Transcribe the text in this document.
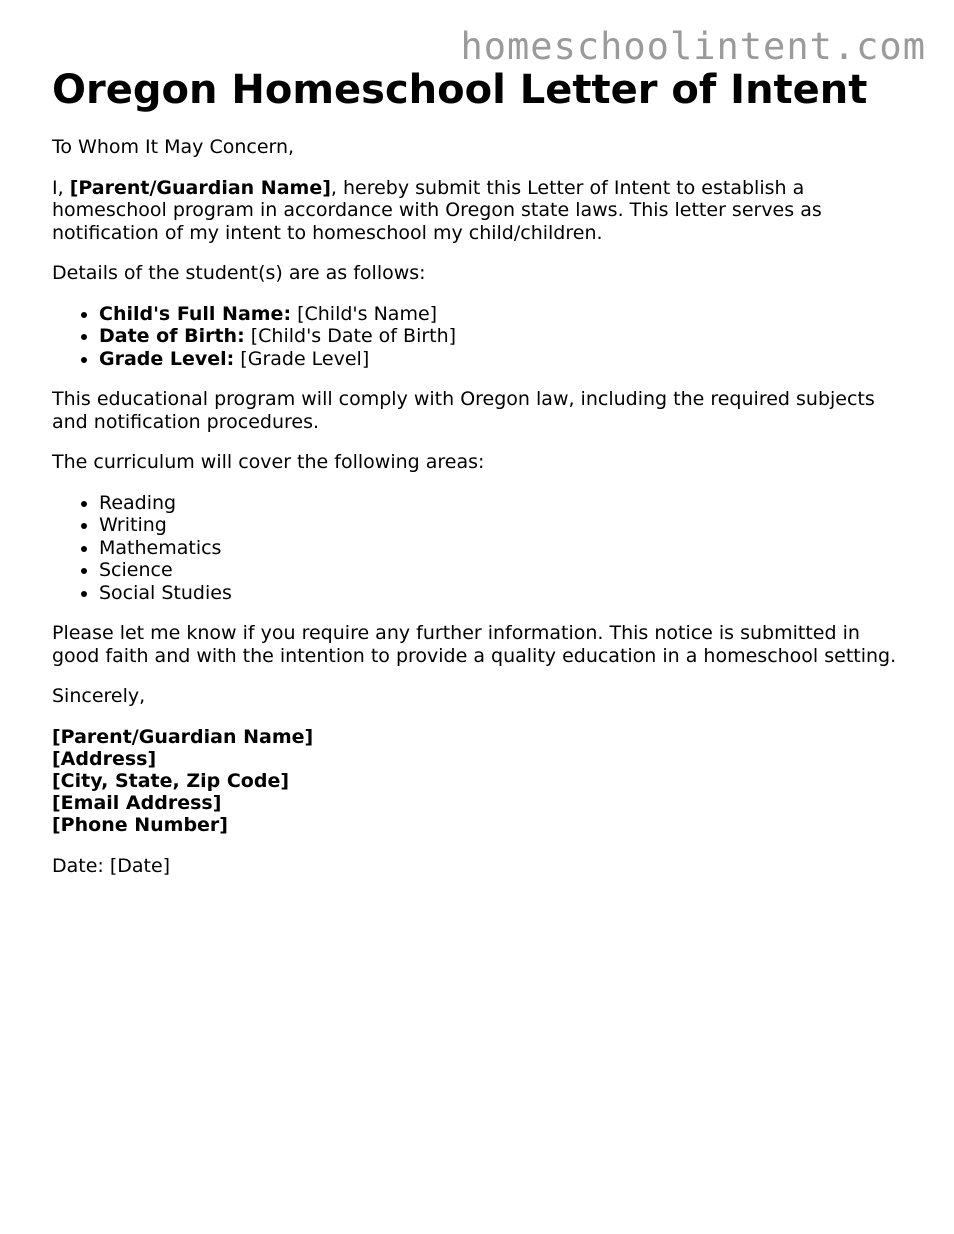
homeschoolintent.com
Oregon Homeschool Letter of Intent

To Whom It May Concern,

I, [Parent/Guardian Name], hereby submit this Letter of Intent to establish a homeschool program in accordance with Oregon state laws. This letter serves as notification of my intent to homeschool my child/children.

Details of the student(s) are as follows:

• Child's Full Name: [Child's Name]
• Date of Birth: [Child's Date of Birth]
• Grade Level: [Grade Level]

This educational program will comply with Oregon law, including the required subjects and notification procedures.

The curriculum will cover the following areas:

• Reading
• Writing
• Mathematics
• Science
• Social Studies

Please let me know if you require any further information. This notice is submitted in good faith and with the intention to provide a quality education in a homeschool setting.

Sincerely,

[Parent/Guardian Name]
[Address]
[City, State, Zip Code]
[Email Address]
[Phone Number]

Date: [Date]
